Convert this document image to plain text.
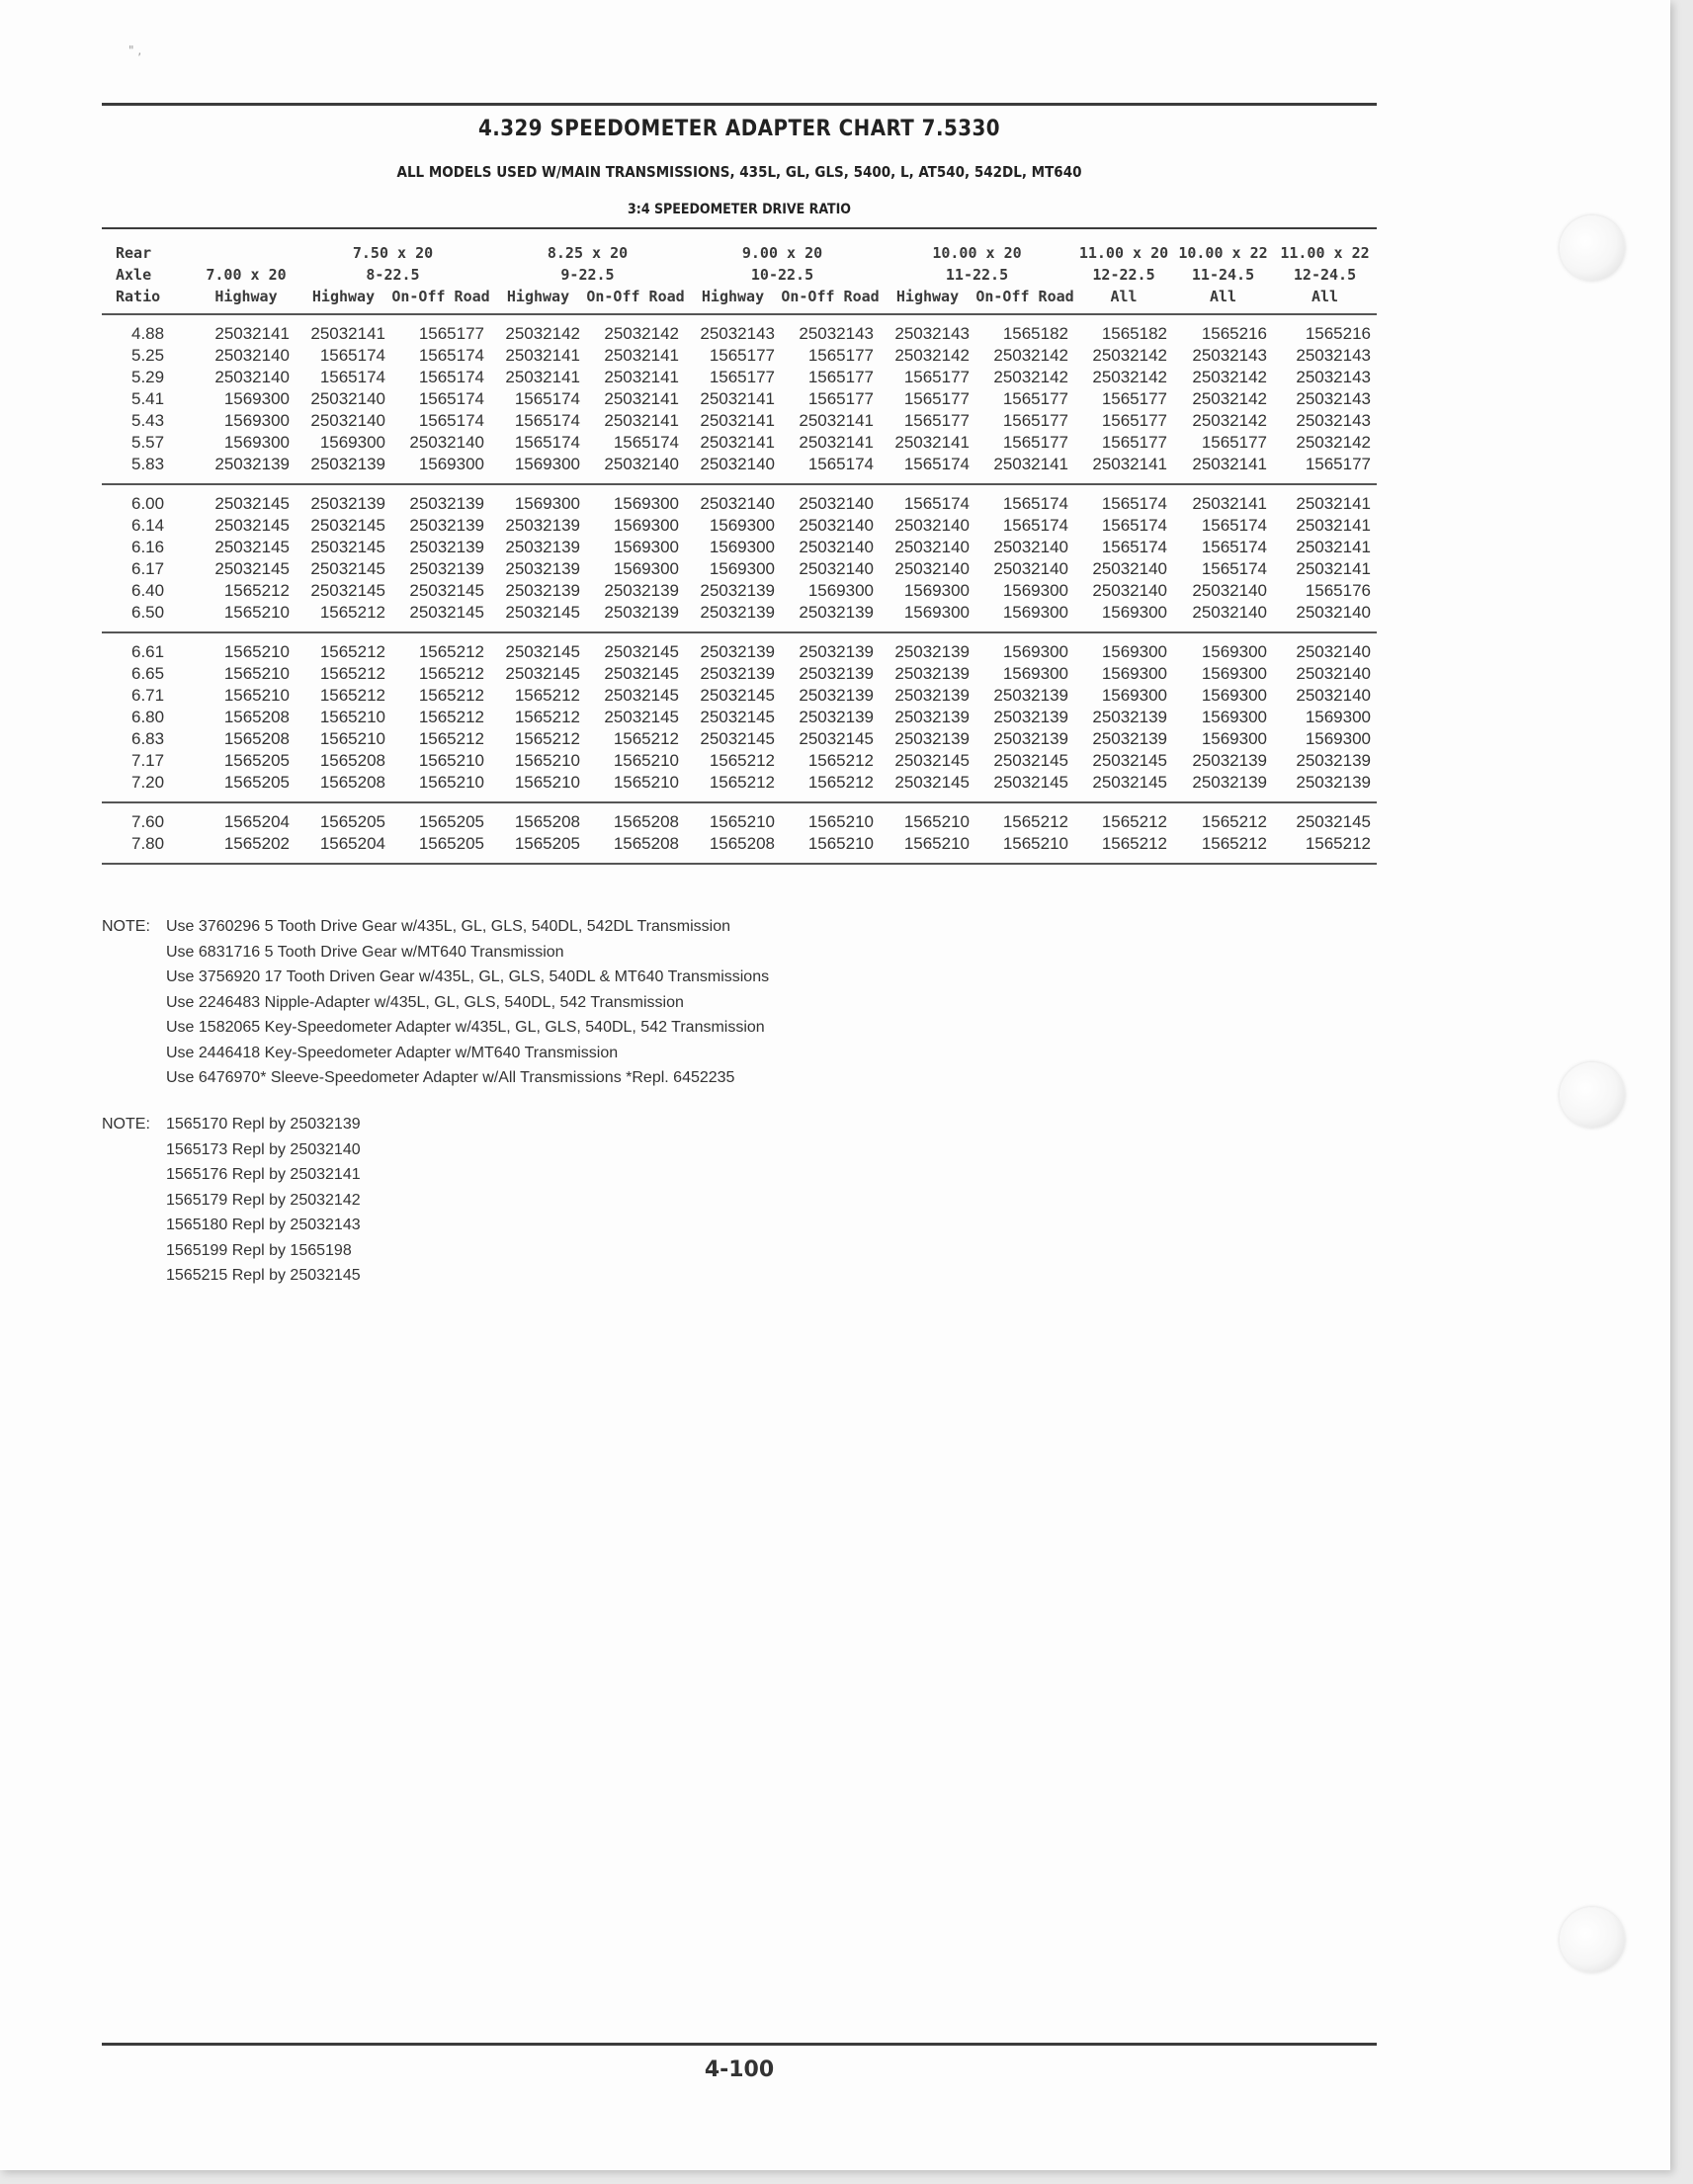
" ,
4.329 SPEEDOMETER ADAPTER CHART 7.5330
ALL MODELS USED W/MAIN TRANSMISSIONS, 435L, GL, GLS, 5400, L, AT540, 542DL, MT640
3:4 SPEEDOMETER DRIVE RATIO
Rear		7.50 x 20		8.25 x 20		9.00 x 20		10.00 x 20		11.00 x 20	10.00 x 22	11.00 x 22
Axle	7.00 x 20	8-22.5		9-22.5		10-22.5		11-22.5		12-22.5	11-24.5	12-24.5
Ratio	Highway	Highway	On-Off Road	Highway	On-Off Road	Highway	On-Off Road	Highway	On-Off Road	All	All	All

4.88	25032141	25032141	1565177	25032142	25032142	25032143	25032143	25032143	1565182	1565182	1565216	1565216
5.25	25032140	1565174	1565174	25032141	25032141	1565177	1565177	25032142	25032142	25032142	25032143	25032143
5.29	25032140	1565174	1565174	25032141	25032141	1565177	1565177	1565177	25032142	25032142	25032142	25032143
5.41	1569300	25032140	1565174	1565174	25032141	25032141	1565177	1565177	1565177	1565177	25032142	25032143
5.43	1569300	25032140	1565174	1565174	25032141	25032141	25032141	1565177	1565177	1565177	25032142	25032143
5.57	1569300	1569300	25032140	1565174	1565174	25032141	25032141	25032141	1565177	1565177	1565177	25032142
5.83	25032139	25032139	1569300	1569300	25032140	25032140	1565174	1565174	25032141	25032141	25032141	1565177

6.00	25032145	25032139	25032139	1569300	1569300	25032140	25032140	1565174	1565174	1565174	25032141	25032141
6.14	25032145	25032145	25032139	25032139	1569300	1569300	25032140	25032140	1565174	1565174	1565174	25032141
6.16	25032145	25032145	25032139	25032139	1569300	1569300	25032140	25032140	25032140	1565174	1565174	25032141
6.17	25032145	25032145	25032139	25032139	1569300	1569300	25032140	25032140	25032140	25032140	1565174	25032141
6.40	1565212	25032145	25032145	25032139	25032139	25032139	1569300	1569300	1569300	25032140	25032140	1565176
6.50	1565210	1565212	25032145	25032145	25032139	25032139	25032139	1569300	1569300	1569300	25032140	25032140

6.61	1565210	1565212	1565212	25032145	25032145	25032139	25032139	25032139	1569300	1569300	1569300	25032140
6.65	1565210	1565212	1565212	25032145	25032145	25032139	25032139	25032139	1569300	1569300	1569300	25032140
6.71	1565210	1565212	1565212	1565212	25032145	25032145	25032139	25032139	25032139	1569300	1569300	25032140
6.80	1565208	1565210	1565212	1565212	25032145	25032145	25032139	25032139	25032139	25032139	1569300	1569300
6.83	1565208	1565210	1565212	1565212	1565212	25032145	25032145	25032139	25032139	25032139	1569300	1569300
7.17	1565205	1565208	1565210	1565210	1565210	1565212	1565212	25032145	25032145	25032145	25032139	25032139
7.20	1565205	1565208	1565210	1565210	1565210	1565212	1565212	25032145	25032145	25032145	25032139	25032139

7.60	1565204	1565205	1565205	1565208	1565208	1565210	1565210	1565210	1565212	1565212	1565212	25032145
7.80	1565202	1565204	1565205	1565205	1565208	1565208	1565210	1565210	1565210	1565212	1565212	1565212

NOTE: Use 3760296 5 Tooth Drive Gear w/435L, GL, GLS, 540DL, 542DL Transmission
Use 6831716 5 Tooth Drive Gear w/MT640 Transmission
Use 3756920 17 Tooth Driven Gear w/435L, GL, GLS, 540DL & MT640 Transmissions
Use 2246483 Nipple-Adapter w/435L, GL, GLS, 540DL, 542 Transmission
Use 1582065 Key-Speedometer Adapter w/435L, GL, GLS, 540DL, 542 Transmission
Use 2446418 Key-Speedometer Adapter w/MT640 Transmission
Use 6476970* Sleeve-Speedometer Adapter w/All Transmissions *Repl. 6452235
NOTE: 1565170 Repl by 25032139
1565173 Repl by 25032140
1565176 Repl by 25032141
1565179 Repl by 25032142
1565180 Repl by 25032143
1565199 Repl by 1565198
1565215 Repl by 25032145
4-100
